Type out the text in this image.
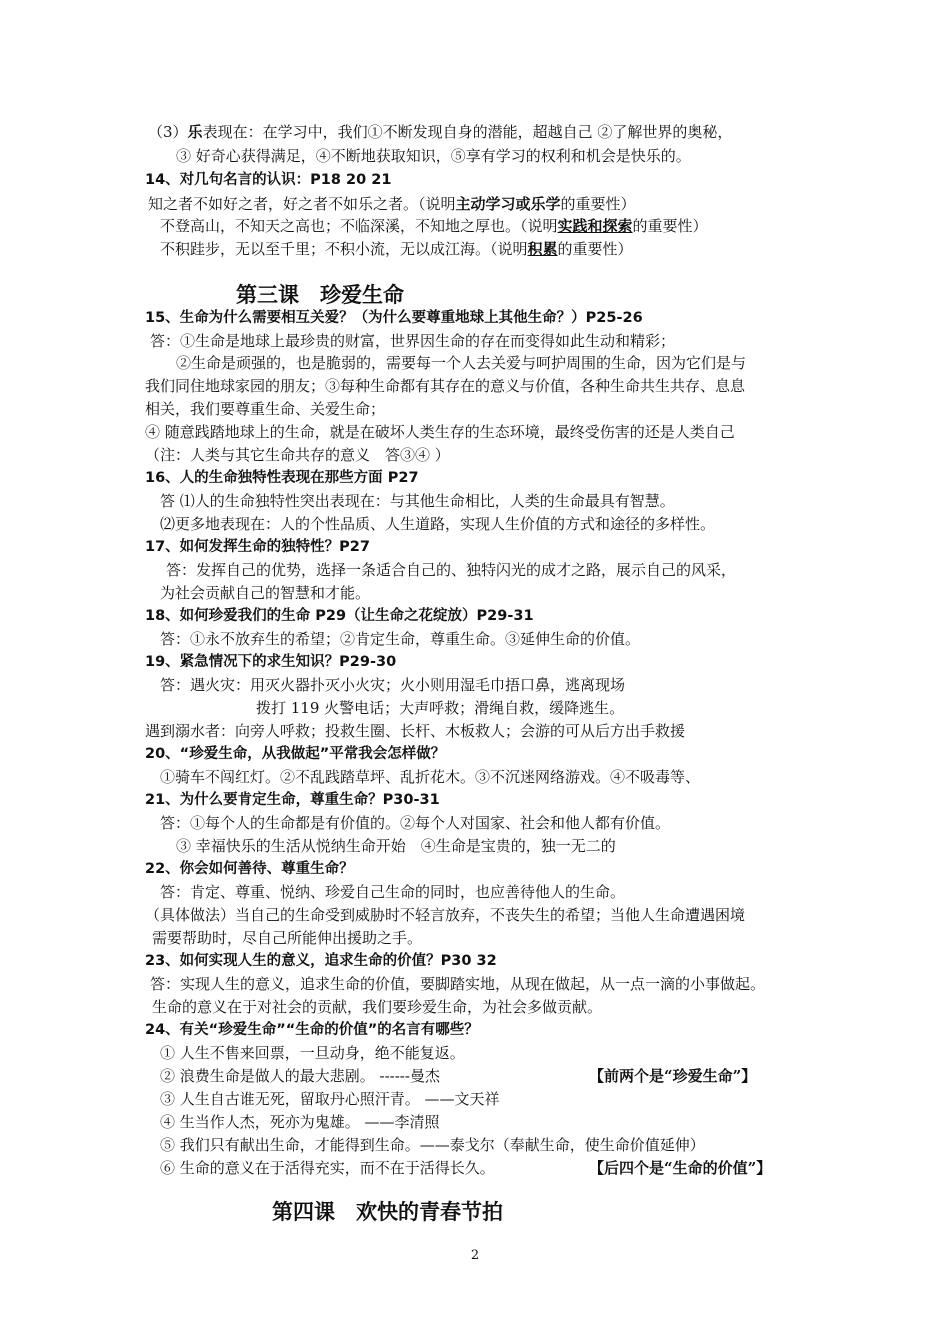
（3）乐表现在：在学习中，我们①不断发现自身的潜能，超越自己 ②了解世界的奥秘，
③ 好奇心获得满足，④不断地获取知识，⑤享有学习的权利和机会是快乐的。
14、对几句名言的认识：P18 20 21
知之者不如好之者，好之者不如乐之者。（说明主动学习或乐学的重要性）
不登高山，不知天之高也；不临深溪，不知地之厚也。（说明实践和探索的重要性）
不积跬步，无以至千里；不积小流，无以成江海。（说明积累的重要性）
第三课　珍爱生命
15、生命为什么需要相互关爱？（为什么要尊重地球上其他生命？）P25-26
答：①生命是地球上最珍贵的财富，世界因生命的存在而变得如此生动和精彩；
②生命是顽强的，也是脆弱的，需要每一个人去关爱与呵护周围的生命，因为它们是与
我们同住地球家园的朋友；③每种生命都有其存在的意义与价值，各种生命共生共存、息息
相关，我们要尊重生命、关爱生命；
④ 随意践踏地球上的生命，就是在破坏人类生存的生态环境，最终受伤害的还是人类自己
（注：人类与其它生命共存的意义　答③④ ）
16、人的生命独特性表现在那些方面 P27
答 ⑴人的生命独特性突出表现在：与其他生命相比，人类的生命最具有智慧。
⑵更多地表现在：人的个性品质、人生道路，实现人生价值的方式和途径的多样性。
17、如何发挥生命的独特性？P27
答：发挥自己的优势，选择一条适合自己的、独特闪光的成才之路，展示自己的风采，
为社会贡献自己的智慧和才能。
18、如何珍爱我们的生命 P29（让生命之花绽放）P29-31
答：①永不放弃生的希望；②肯定生命，尊重生命。③延伸生命的价值。
19、紧急情况下的求生知识？P29-30
答：遇火灾：用灭火器扑灭小火灾；火小则用湿毛巾捂口鼻，逃离现场
拨打 119 火警电话；大声呼救；滑绳自救，缓降逃生。
遇到溺水者：向旁人呼救；投救生圈、长杆、木板救人；会游的可从后方出手救援
20、“珍爱生命，从我做起”平常我会怎样做？
①骑车不闯红灯。②不乱践踏草坪、乱折花木。③不沉迷网络游戏。④不吸毒等、
21、为什么要肯定生命，尊重生命？P30-31
答：①每个人的生命都是有价值的。②每个人对国家、社会和他人都有价值。
③ 幸福快乐的生活从悦纳生命开始　④生命是宝贵的，独一无二的
22、你会如何善待、尊重生命？
答：肯定、尊重、悦纳、珍爱自己生命的同时，也应善待他人的生命。
（具体做法）当自己的生命受到威胁时不轻言放弃，不丧失生的希望；当他人生命遭遇困境
需要帮助时，尽自己所能伸出援助之手。
23、如何实现人生的意义，追求生命的价值？P30 32
答：实现人生的意义，追求生命的价值，要脚踏实地，从现在做起，从一点一滴的小事做起。
生命的意义在于对社会的贡献，我们要珍爱生命，为社会多做贡献。
24、有关“珍爱生命”“生命的价值”的名言有哪些？
① 人生不售来回票，一旦动身，绝不能复返。
② 浪费生命是做人的最大悲剧。 ------曼杰	【前两个是“珍爱生命”】
③ 人生自古谁无死，留取丹心照汗青。 ——文天祥
④ 生当作人杰，死亦为鬼雄。 ——李清照
⑤ 我们只有献出生命，才能得到生命。——泰戈尔（奉献生命，使生命价值延伸）
⑥ 生命的意义在于活得充实，而不在于活得长久。	【后四个是“生命的价值”】
第四课　欢快的青春节拍
2
